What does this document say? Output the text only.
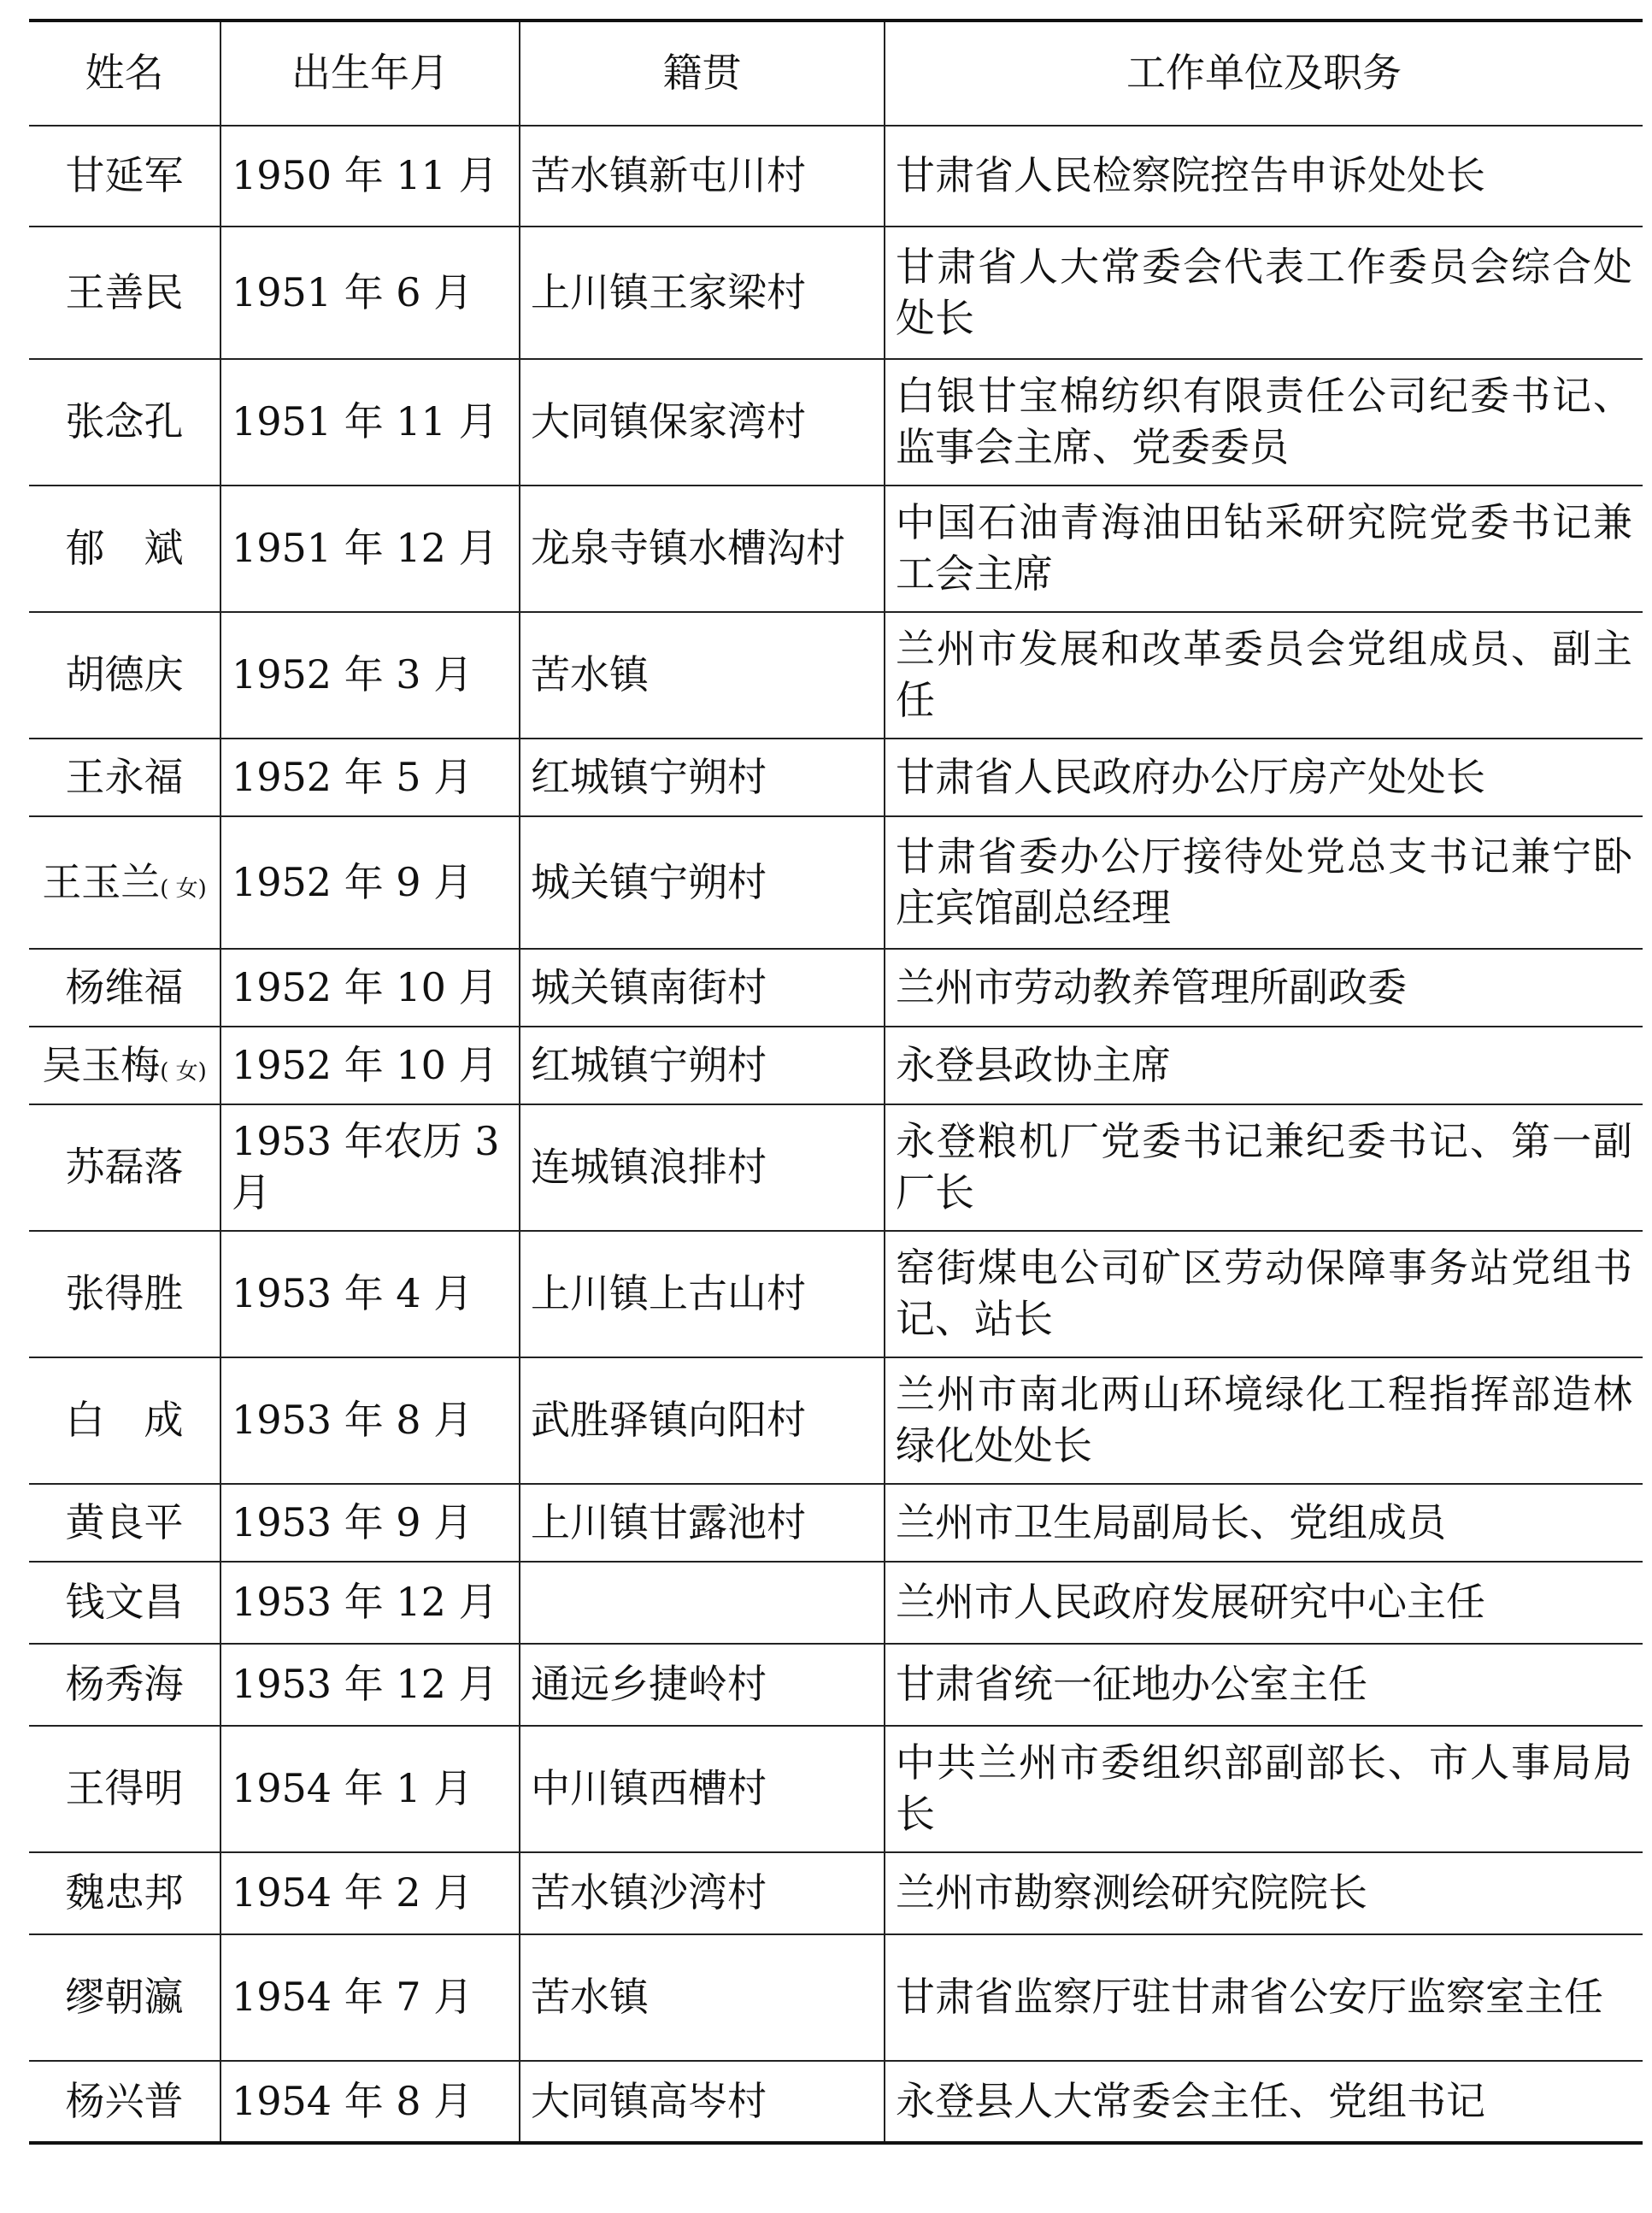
姓名	出生年月	籍贯	工作单位及职务
甘延军	1950 年 11 月	苦水镇新屯川村	甘肃省人民检察院控告申诉处处长
王善民	1951 年 6 月	上川镇王家梁村	甘肃省人大常委会代表工作委员会综合处处长
张念孔	1951 年 11 月	大同镇保家湾村	白银甘宝棉纺织有限责任公司纪委书记、监事会主席、党委委员
郁　斌	1951 年 12 月	龙泉寺镇水槽沟村	中国石油青海油田钻采研究院党委书记兼工会主席
胡德庆	1952 年 3 月	苦水镇	兰州市发展和改革委员会党组成员、副主任
王永福	1952 年 5 月	红城镇宁朔村	甘肃省人民政府办公厅房产处处长
王玉兰( 女)	1952 年 9 月	城关镇宁朔村	甘肃省委办公厅接待处党总支书记兼宁卧庄宾馆副总经理
杨维福	1952 年 10 月	城关镇南街村	兰州市劳动教养管理所副政委
吴玉梅( 女)	1952 年 10 月	红城镇宁朔村	永登县政协主席
苏磊落	1953 年农历 3 月	连城镇浪排村	永登粮机厂党委书记兼纪委书记、第一副厂长
张得胜	1953 年 4 月	上川镇上古山村	窑街煤电公司矿区劳动保障事务站党组书记、站长
白　成	1953 年 8 月	武胜驿镇向阳村	兰州市南北两山环境绿化工程指挥部造林绿化处处长
黄良平	1953 年 9 月	上川镇甘露池村	兰州市卫生局副局长、党组成员
钱文昌	1953 年 12 月		兰州市人民政府发展研究中心主任
杨秀海	1953 年 12 月	通远乡捷岭村	甘肃省统一征地办公室主任
王得明	1954 年 1 月	中川镇西槽村	中共兰州市委组织部副部长、市人事局局长
魏忠邦	1954 年 2 月	苦水镇沙湾村	兰州市勘察测绘研究院院长
缪朝瀛	1954 年 7 月	苦水镇	甘肃省监察厅驻甘肃省公安厅监察室主任
杨兴普	1954 年 8 月	大同镇高岑村	永登县人大常委会主任、党组书记
